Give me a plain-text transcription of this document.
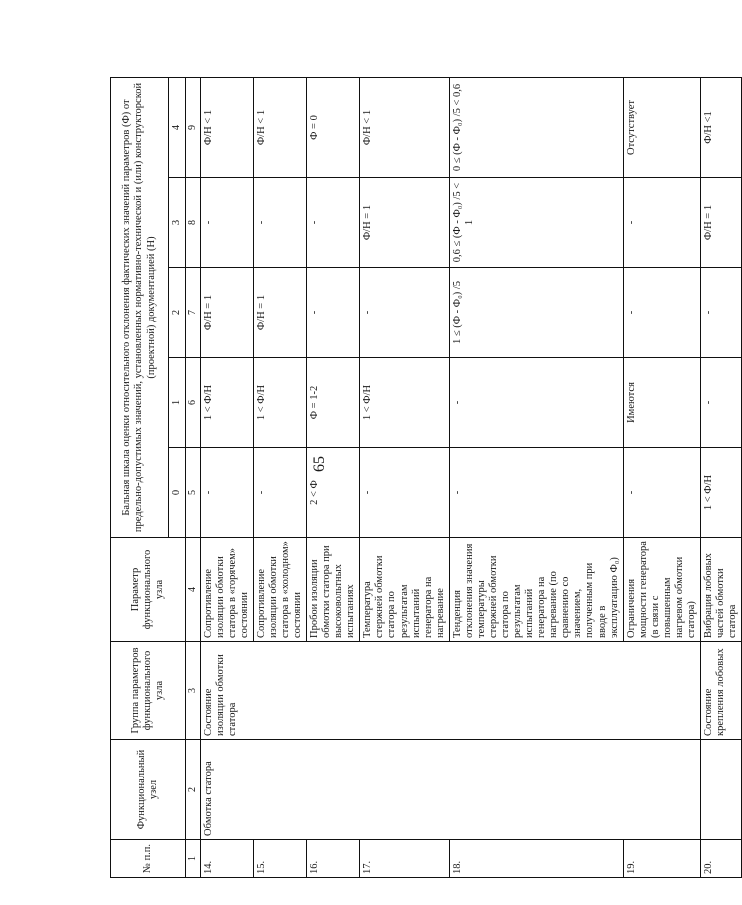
65
№ п.п.	Функциональный узел	Группа параметров функционального узла	Параметр функционального узла	Бальная шкала оценки относительного отклонения фактических значений параметров (Ф) от предельно-допустимых значений, установленных нормативно-технической и (или) конструкторской (проектной) документацией (Н)				
				0	1	2	3	4
1	2	3	4	5	6	7	8	9
14.	Обмотка статора	Состояние изоляции обмотки статора	Сопротивление изоляции обмотки статора в «горячем» состоянии	-	1 < Ф/Н	Ф/Н = 1	-	Ф/Н < 1
15.			Сопротивление изоляции обмотки статора в «холодном» состоянии	-	1 < Ф/Н	Ф/Н = 1	-	Ф/Н < 1
16.			Пробои изоляции обмотки статора при высоковольтных испытаниях	2 < Ф	Ф = 1-2	-	-	Ф = 0
17.			Температура стержней обмотки статора по результатам испытаний генератора на нагревание	-	1 < Ф/Н	-	Ф/Н = 1	Ф/Н < 1
18.			Тенденция отклонения значения температуры стержней обмотки статора по результатам испытаний генератора на нагревание (по сравнению со значением, полученным при вводе в эксплуатацию Ф₀)	-	-	1 ≤ (Ф - Ф₀) /5	0,6 ≤ (Ф - Ф₀) /5 < 1	0 ≤ (Ф - Ф₀) /5 < 0,6
19.			Ограничения мощности генератора (в связи с повышенным нагревом обмотки статора)	-	Имеются	-	-	Отсутствует
20.		Состояние крепления лобовых	Вибрация лобовых частей обмотки статора	1 < Ф/Н	-	-	Ф/Н = 1	Ф/Н <1
